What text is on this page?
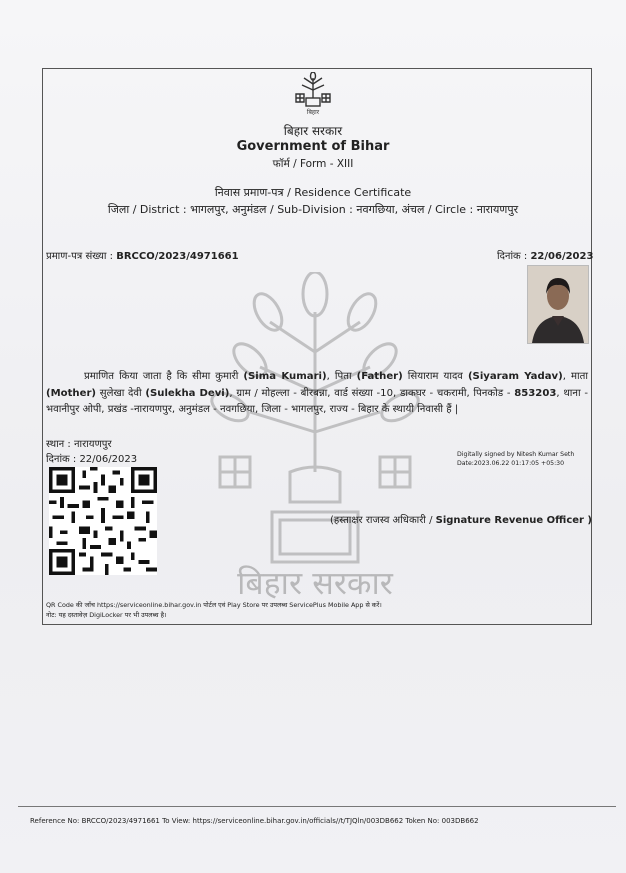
बिहार सरकार
बिहार
बिहार सरकार
Government of Bihar
फॉर्म / Form - XIII
निवास प्रमाण-पत्र / Residence Certificate
जिला / District : भागलपुर, अनुमंडल / Sub-Division : नवगछिया, अंचल / Circle : नारायणपुर
प्रमाण-पत्र संख्या : BRCCO/2023/4971661	दिनांक : 22/06/2023
प्रमाणित किया जाता है कि सीमा कुमारी (Sima Kumari), पिता (Father) सियाराम यादव (Siyaram Yadav), माता (Mother) सुलेखा देवी (Sulekha Devi), ग्राम / मोहल्ला - बीरबन्ना, वार्ड संख्या -10, डाकघर - चकरामी, पिनकोड - 853203, थाना - भवानीपुर ओपी, प्रखंड -नारायणपुर, अनुमंडल - नवगछिया, जिला - भागलपुर, राज्य - बिहार के स्थायी निवासी हैं |
स्थान : नारायणपुर
दिनांक : 22/06/2023	Digitally signed by Nitesh Kumar Seth
Date:2023.06.22 01:17:05 +05:30
(हस्ताक्षर राजस्व अधिकारी / Signature Revenue Officer )
QR Code की जाँच https://serviceonline.bihar.gov.in पोर्टल एवं Play Store पर उपलब्ध ServicePlus Mobile App से करें।
नोट: यह दस्तावेज़ DigiLocker पर भी उपलब्ध है।
Reference No: BRCCO/2023/4971661 To View: https://serviceonline.bihar.gov.in/officials//t/TJQln/003DB662 Token No: 003DB662
